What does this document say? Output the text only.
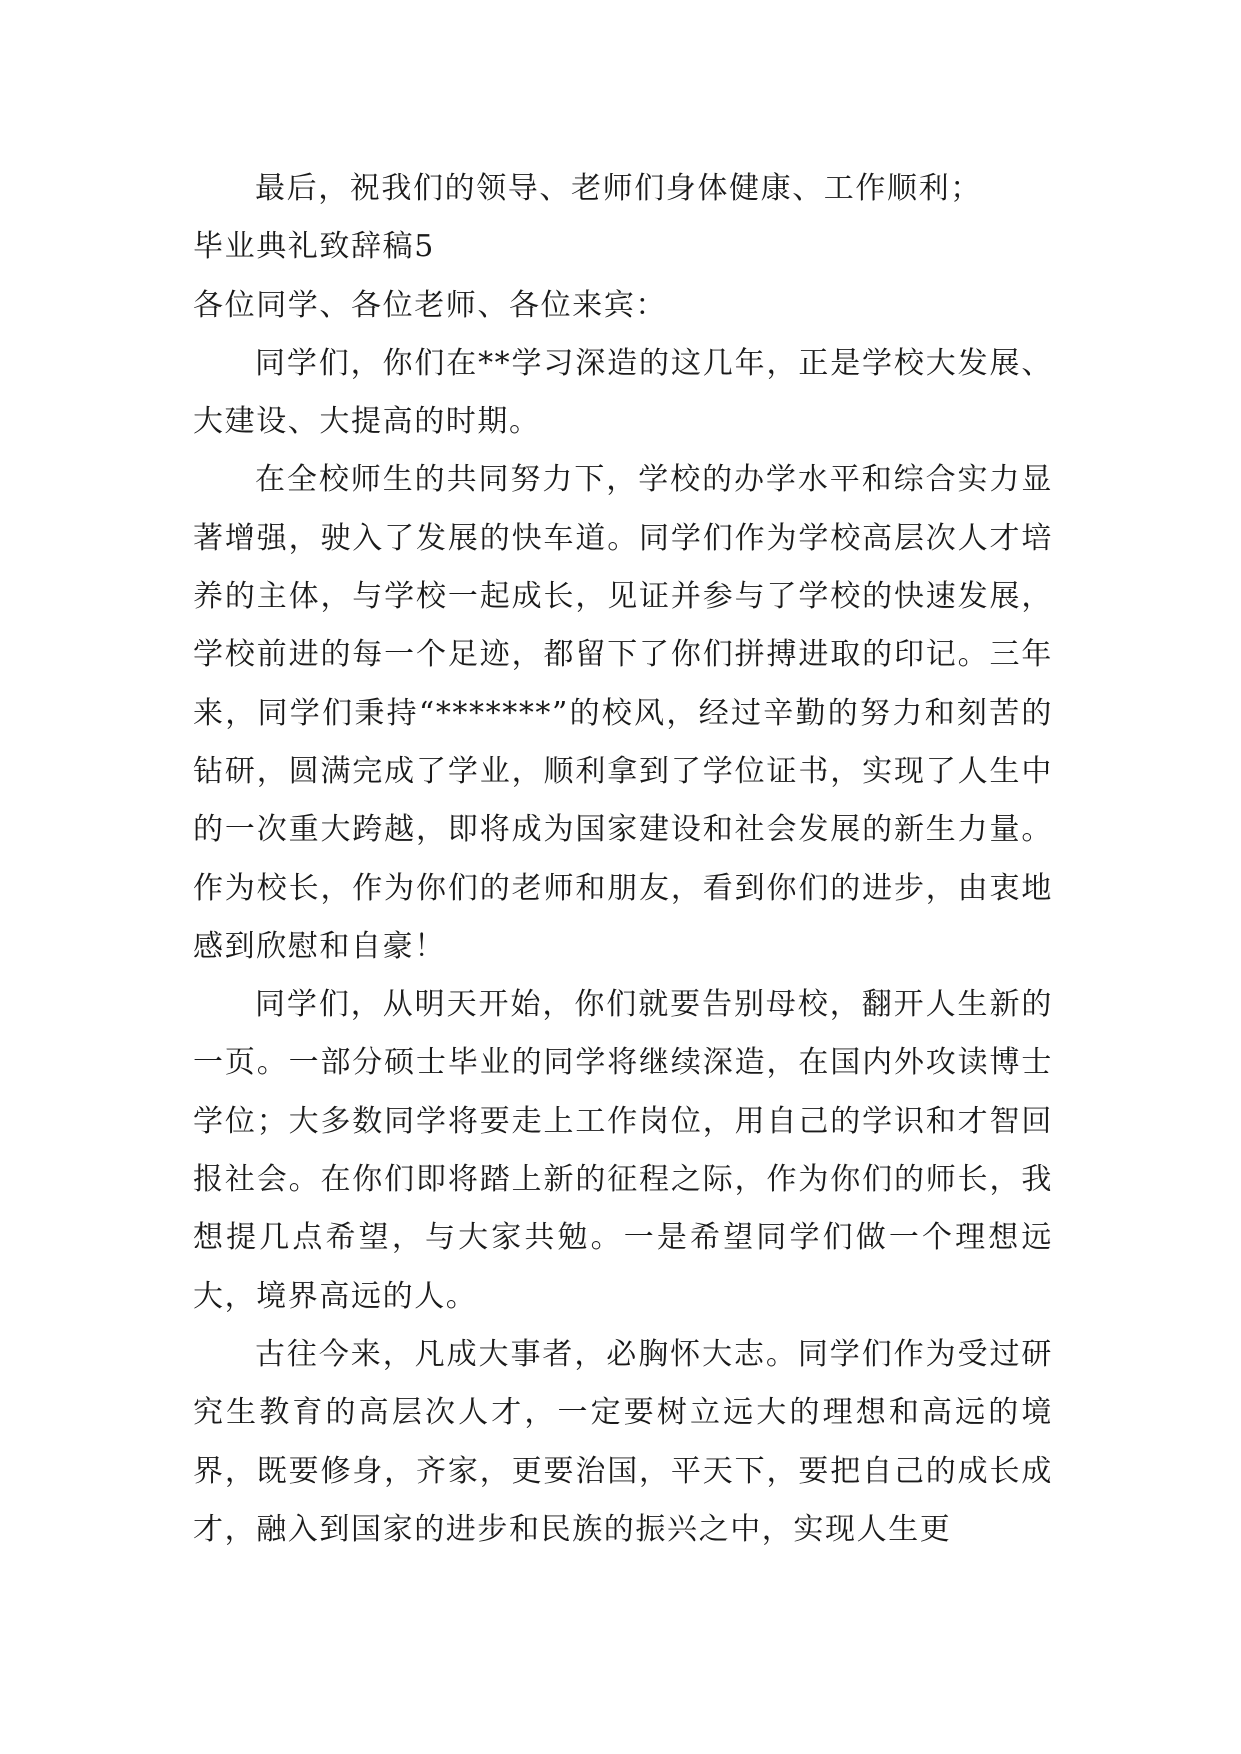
最后，祝我们的领导、老师们身体健康、工作顺利；

毕业典礼致辞稿5

各位同学、各位老师、各位来宾：

同学们，你们在**学习深造的这几年，正是学校大发展、大建设、大提高的时期。

在全校师生的共同努力下，学校的办学水平和综合实力显著增强，驶入了发展的快车道。同学们作为学校高层次人才培养的主体，与学校一起成长，见证并参与了学校的快速发展，学校前进的每一个足迹，都留下了你们拼搏进取的印记。三年来，同学们秉持“*******”的校风，经过辛勤的努力和刻苦的钻研，圆满完成了学业，顺利拿到了学位证书，实现了人生中的一次重大跨越，即将成为国家建设和社会发展的新生力量。作为校长，作为你们的老师和朋友，看到你们的进步，由衷地感到欣慰和自豪！

同学们，从明天开始，你们就要告别母校，翻开人生新的一页。一部分硕士毕业的同学将继续深造，在国内外攻读博士学位；大多数同学将要走上工作岗位，用自己的学识和才智回报社会。在你们即将踏上新的征程之际，作为你们的师长，我想提几点希望，与大家共勉。一是希望同学们做一个理想远大，境界高远的人。

古往今来，凡成大事者，必胸怀大志。同学们作为受过研究生教育的高层次人才，一定要树立远大的理想和高远的境界，既要修身，齐家，更要治国，平天下，要把自己的成长成才，融入到国家的进步和民族的振兴之中，实现人生更
